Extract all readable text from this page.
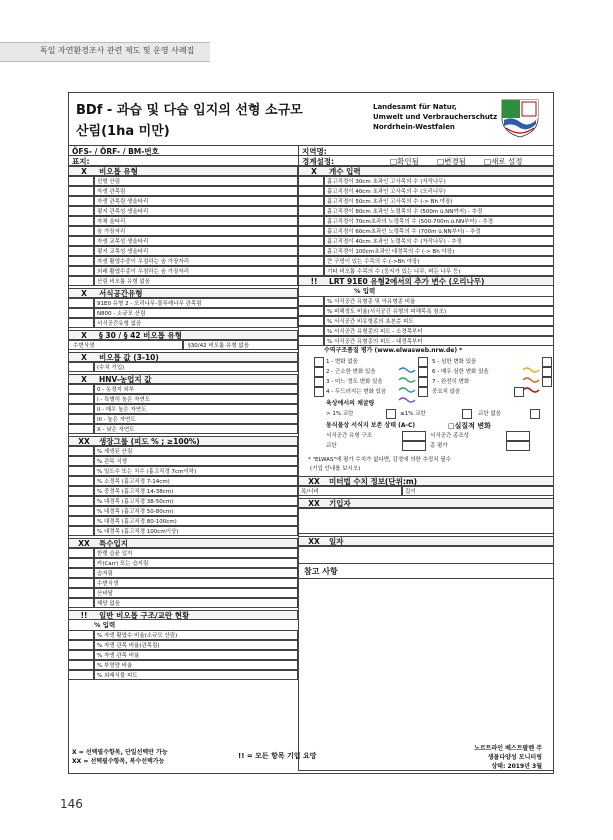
독일 자연환경조사 관련 제도 및 운영 사례집
BDf - 과습 및 다습 입지의 선형 소규모
산림(1ha 미만)
Landesamt für Natur,
Umwelt und Verbraucherschutz
Nordrhein-Westfalen
ÖFS- / ÖRF- / BM-번호	지역명:
표지:	경계설정:	□확인됨 □변경됨 □새로 설정
X 비오톱 유형
선형 산림
자생 관목림
자생 관목림 생울타리
평지 관목성 생울타리
자체 울타리
숲 가장자리
자생 교목성 생울타리
평지 교목성 생울타리
자생 활엽수중이 우점하는 숲 가장자리
외래 활엽수종이 우점하는 숲 가장자리
산림 비오톱 유형 없음
X 서식공간유형
91E0 유형 2 - 오리나무-물푸레나무 관목림
N800 - 소규모 산림
서식공간유형 없음
X § 30 / § 42 비오톱 유형
수변식생	§30/42 비오톱 유형 없음
X 비오톱 값 (3-10)
(수치 기입)
X HNV-농업지 값
0 - 농경지 외부
I - 특별히 높은 자연도
II - 매우 높은 자연도
III - 높은 자연도
X - 낮은 자연도
XX 생장그룹 (피도 % ; ≥100%)
% 재생된 산림
% 관목 식생
% 밀도수 또는 치수 (흉고직경 7cm이하)
% 소경목 (흉고직경 7-14cm)
% 중경목 (흉고직경 14-38cm)
% 대경목 (흉고직경 38-50cm)
% 대경목 (흉고직경 50-80cm)
% 대경목 (흉고직경 80-100cm)
% 대경목 (흉고직경 100cm이상)
XX 특수입지
한랭 습윤 입지
카(Carr) 또는 습지림
습지림
수변식생
산비탈
해당 없음
!! 일반 비오톱 구조/교란 현황
% 입력
% 자생 활엽수 비율(소규모 산림)
% 자생 관목 비율(관목림)
% 자생 관목 비율
% 부영양 비율
% 외래식물 피도
X 개수 입력
흉고직경이 30cm 초과인 고사목의 수 (자작나무)
흉고직경이 40cm 초과인 고사목의 수 (오리나무)
흉고직경이 50cm 초과인 고사목의 수 (-> Bh 야장)
흉고직경이 80cm 초과인 노령목의 수 (500m ü.NN까지) - 추정
흉고직경이 70cm초과의 노령목의 수 (500-700m ü.NN부터) - 추정
흉고직경이 60cm초과인 노령목의 수 (700m ü.NN부터) - 추정
흉고직경이 40cm 초과인 노령목의 수 (자작나무) - 추정
흉고직경이 100cm초과인 대경목의 수 (-> Bh 야장)
큰 구멍이 있는 수목의 수 (->Bh 야장)
기타 비오톱 수목의 수 (둥지가 있는 나무, 벼든 나무 등)
!! LRT 91E0 유형2에서의 추가 변수 (오리나무)
% 입력
% 서식공간 유형종 및 아유형종 비율
% 피해정도 비율(서식공간 유형의 피해목록 참조)
% 서식공간 비유형종의 초본층 피도
% 서식공간 유형종의 피도 - 소경목부터
% 서식공간 유형종의 피도 - 대경목부터
수역구조품질 평가 (www.elwasweb.nrw.de) *
1 - 변화 없음	5 - 심한 변화 있음
2 - 근소한 변화 있음	6 - 매우 심한 변화 있음
3 - 어느 정도 변화 있음	7 - 완전히 변화
4 - 두드러지는 변화 있음	중요치 않음
육상에서의 채굴량
> 1% 교란	≤1% 교란	교란 없음
동식물상 서식지 보존 상태 (A-C)	□실질적 변화
서식공간 유형 구조	서식공간 종조성
교란	총 평가
* "ELWAS"에 평가 수치가 없다면, 감정에 의한 추정치 필수
(기입 안내를 보시오)
XX 미터법 수치 정보(단위:m)
폭/너비	길이
XX 기입자
XX 일자
참고 사항
X = 선택필수항목, 단일선택만 가능
XX = 선택필수항목, 복수선택가능
!! = 모든 항목 기입 요망
노르트라인 베스트팔렌 주
생물다양성 모니터링
상태: 2019년 3월
146
